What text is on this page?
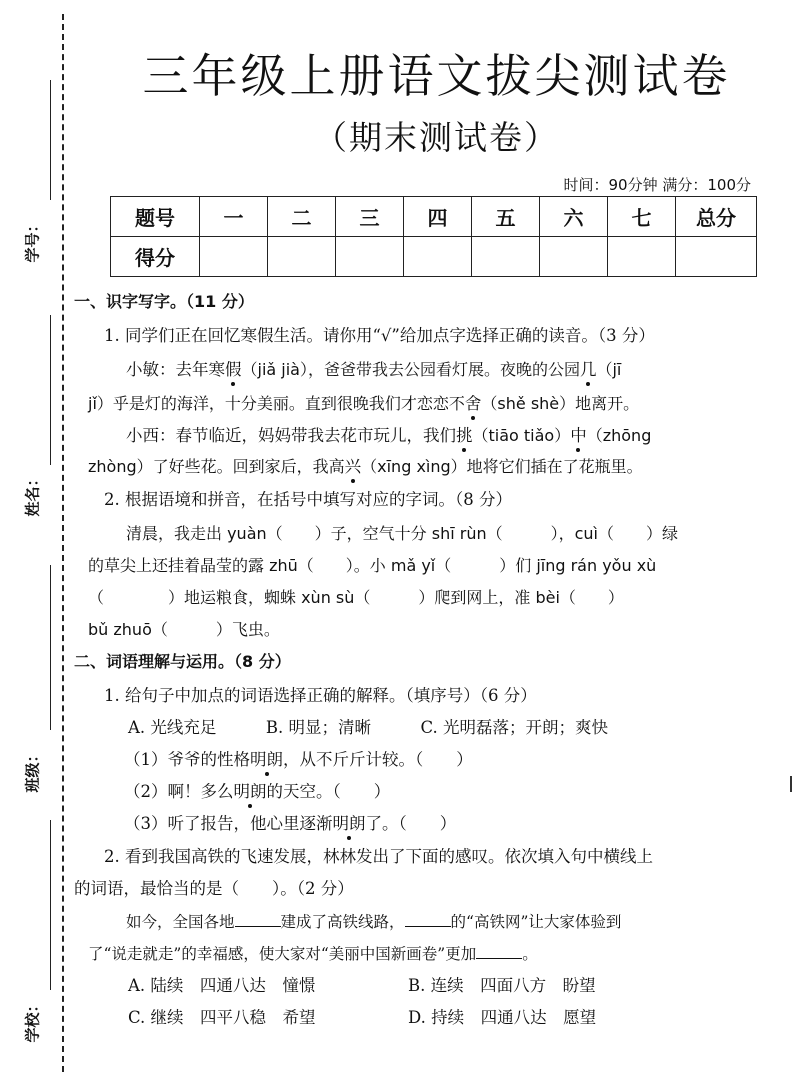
学号：
姓名：
班级：
学校：
三年级上册语文拔尖测试卷
（期末测试卷）
时间：90分钟 满分：100分
题号	一	二	三	四	五	六	七	总分
得分								
一、识字写字。（11 分）
1. 同学们正在回忆寒假生活。请你用“√”给加点字选择正确的读音。（3 分）
小敏：去年寒假（jiǎ jià），爸爸带我去公园看灯展。夜晚的公园几（jī
jǐ）乎是灯的海洋，十分美丽。直到很晚我们才恋恋不舍（shě shè）地离开。
小西：春节临近，妈妈带我去花市玩儿，我们挑（tiāo tiǎo）中（zhōng
zhòng）了好些花。回到家后，我高兴（xīng xìng）地将它们插在了花瓶里。
2. 根据语境和拼音，在括号中填写对应的字词。（8 分）
清晨，我走出 yuàn（　　）子，空气十分 shī rùn（　　　），cuì（　　）绿
的草尖上还挂着晶莹的露 zhū（　　）。小 mǎ yǐ（　　　）们 jīng rán yǒu xù
（　　　　）地运粮食，蜘蛛 xùn sù（　　　）爬到网上，准 bèi（　　）
bǔ zhuō（　　　）飞虫。
二、词语理解与运用。（8 分）
1. 给句子中加点的词语选择正确的解释。（填序号）（6 分）
A. 光线充足　　　B. 明显；清晰　　　C. 光明磊落；开朗；爽快
（1）爷爷的性格明朗，从不斤斤计较。（　　）
（2）啊！多么明朗的天空。（　　）
（3）听了报告，他心里逐渐明朗了。（　　）
2. 看到我国高铁的飞速发展，林林发出了下面的感叹。依次填入句中横线上
的词语，最恰当的是（　　）。（2 分）
如今，全国各地	建成了高铁线路，	的“高铁网”让大家体验到
了“说走就走”的幸福感，使大家对“美丽中国新画卷”更加	。
A. 陆续　四通八达　憧憬	B. 连续　四面八方　盼望
C. 继续　四平八稳　希望	D. 持续　四通八达　愿望
